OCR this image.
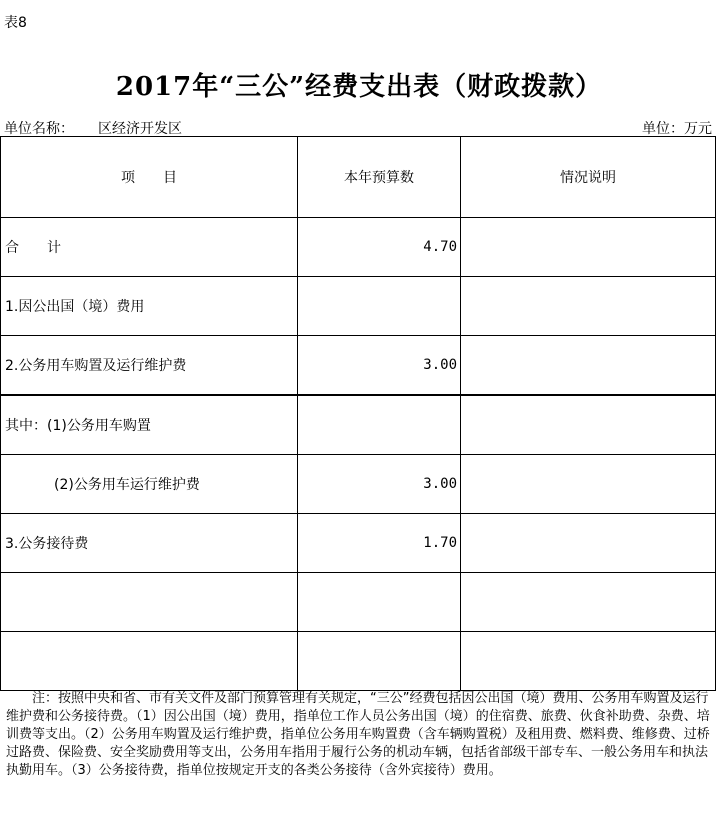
表8
2017年“三公”经费支出表（财政拨款）
单位名称： 区经济开发区	单位：万元
项　　目	本年预算数	情况说明
合　　计	4.70	
1.因公出国（境）费用		
2.公务用车购置及运行维护费	3.00	
其中：(1)公务用车购置		
(2)公务用车运行维护费	3.00	
3.公务接待费	1.70	

注：按照中央和省、市有关文件及部门预算管理有关规定，“三公”经费包括因公出国（境）费用、公务用车购置及运行维护费和公务接待费。（1）因公出国（境）费用，指单位工作人员公务出国（境）的住宿费、旅费、伙食补助费、杂费、培训费等支出。（2）公务用车购置及运行维护费，指单位公务用车购置费（含车辆购置税）及租用费、燃料费、维修费、过桥过路费、保险费、安全奖励费用等支出，公务用车指用于履行公务的机动车辆，包括省部级干部专车、一般公务用车和执法执勤用车。（3）公务接待费，指单位按规定开支的各类公务接待（含外宾接待）费用。
